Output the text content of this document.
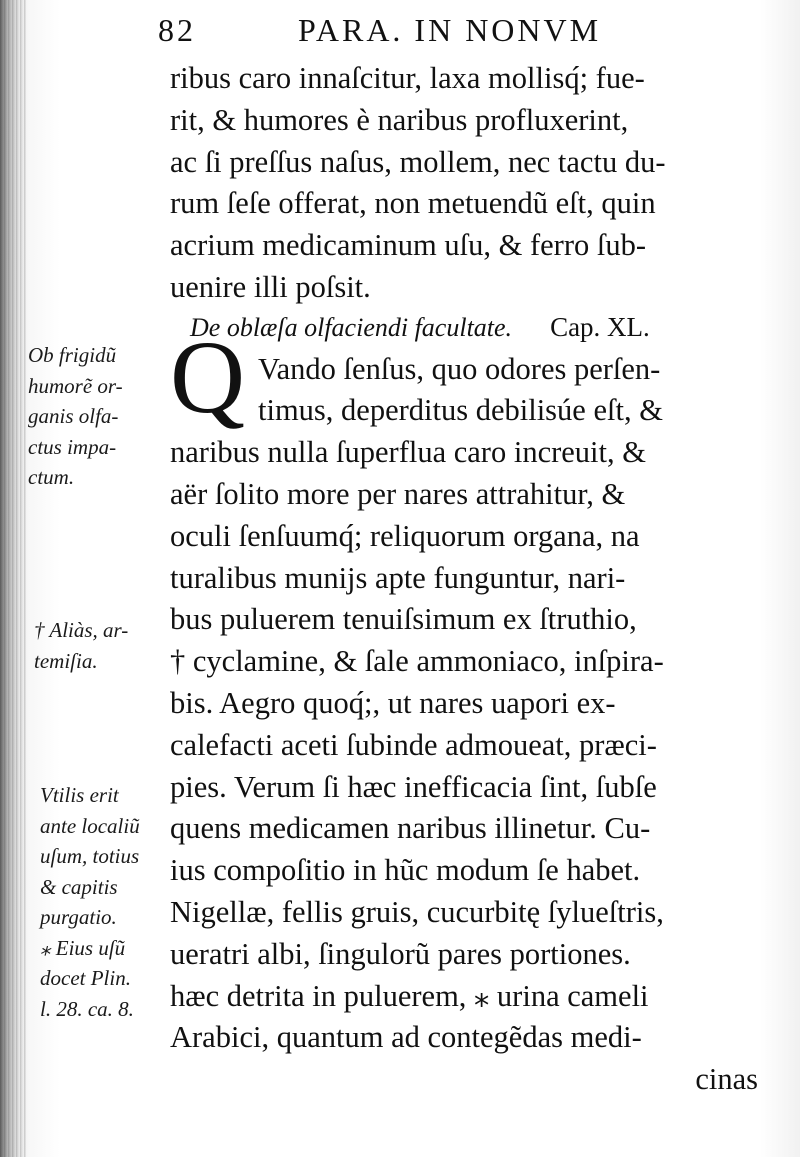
82	PARA. IN NONVM
Q
ribus caro innaſcitur, laxa mollisq́; fue-
rit, & humores è naribus profluxerint,
ac ſi preſſus naſus, mollem, nec tactu du-
rum ſeſe offerat, non metuendũ eſt, quin
acrium medicaminum uſu, & ferro ſub-
uenire illi poſsit.
De oblæſa olfaciendi facultate. Cap. XL.
Vando ſenſus, quo odores perſen-
timus, deperditus debilisúe eſt, &
naribus nulla ſuperflua caro increuit, &
aër ſolito more per nares attrahitur, &
oculi ſenſuumq́; reliquorum organa, na
turalibus munijs apte funguntur, nari-
bus puluerem tenuiſsimum ex ſtruthio,
† cyclamine, & ſale ammoniaco, inſpira-
bis. Aegro quoq́;, ut nares uapori ex-
calefacti aceti ſubinde admoueat, præci-
pies. Verum ſi hæc inefficacia ſint, ſubſe
quens medicamen naribus illinetur. Cu-
ius compoſitio in hũc modum ſe habet.
Nigellæ, fellis gruis, cucurbitę ſylueſtris,
ueratri albi, ſingulorũ pares portiones.
hæc detrita in puluerem, ⁎ urina cameli
Arabici, quantum ad contegẽdas medi-
cinas
Ob frigidũ
humorẽ or-
ganis olfa-
ctus impa-
ctum.
† Aliàs, ar-
temiſia.
Vtilis erit
ante localiũ
uſum, totius
& capitis
purgatio.
⁎ Eius uſũ
docet Plin.
l. 28. ca. 8.
